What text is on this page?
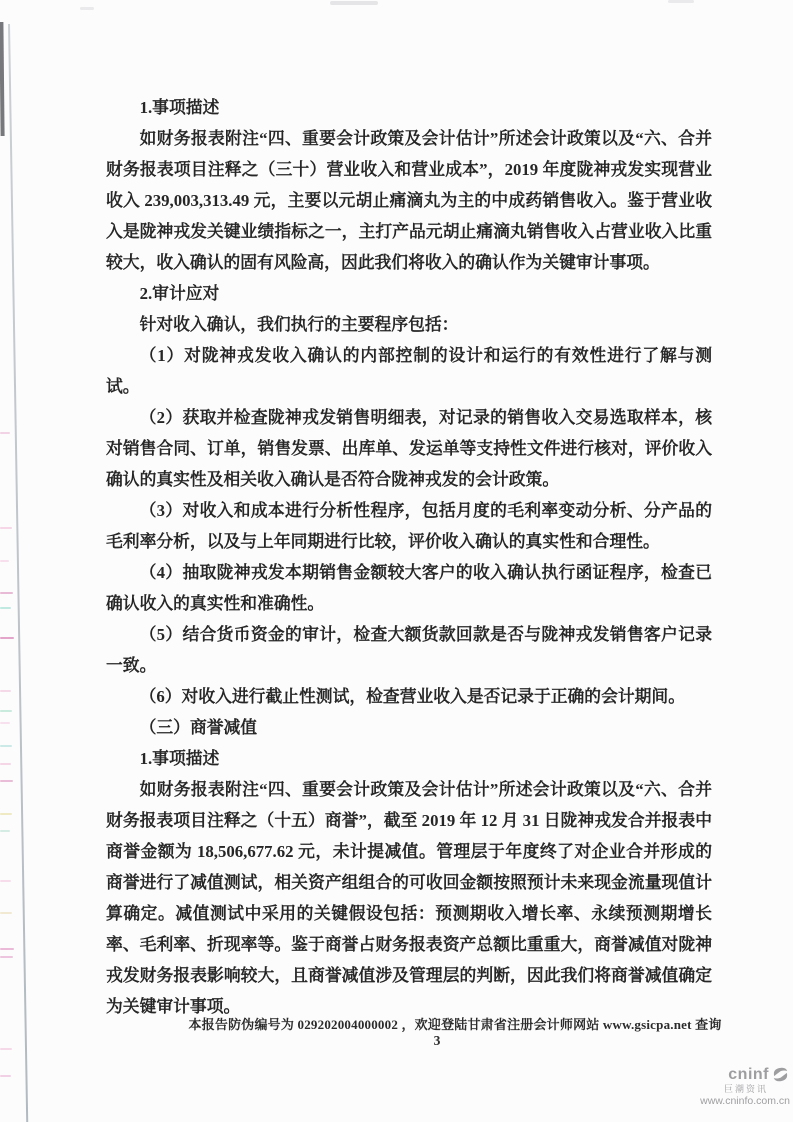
1.事项描述

如财务报表附注“四、重要会计政策及会计估计”所述会计政策以及“六、合并财务报表项目注释之（三十）营业收入和营业成本”，2019 年度陇神戎发实现营业收入 239,003,313.49 元，主要以元胡止痛滴丸为主的中成药销售收入。鉴于营业收入是陇神戎发关键业绩指标之一，主打产品元胡止痛滴丸销售收入占营业收入比重较大，收入确认的固有风险高，因此我们将收入的确认作为关键审计事项。

2.审计应对

针对收入确认，我们执行的主要程序包括：

（1）对陇神戎发收入确认的内部控制的设计和运行的有效性进行了解与测试。

（2）获取并检查陇神戎发销售明细表，对记录的销售收入交易选取样本，核对销售合同、订单，销售发票、出库单、发运单等支持性文件进行核对，评价收入确认的真实性及相关收入确认是否符合陇神戎发的会计政策。

（3）对收入和成本进行分析性程序，包括月度的毛利率变动分析、分产品的毛利率分析，以及与上年同期进行比较，评价收入确认的真实性和合理性。

（4）抽取陇神戎发本期销售金额较大客户的收入确认执行函证程序，检查已确认收入的真实性和准确性。

（5）结合货币资金的审计，检查大额货款回款是否与陇神戎发销售客户记录一致。

（6）对收入进行截止性测试，检查营业收入是否记录于正确的会计期间。

（三）商誉减值

1.事项描述

如财务报表附注“四、重要会计政策及会计估计”所述会计政策以及“六、合并财务报表项目注释之（十五）商誉”，截至 2019 年 12 月 31 日陇神戎发合并报表中商誉金额为 18,506,677.62 元，未计提减值。管理层于年度终了对企业合并形成的商誉进行了减值测试，相关资产组组合的可收回金额按照预计未来现金流量现值计算确定。减值测试中采用的关键假设包括：预测期收入增长率、永续预测期增长率、毛利率、折现率等。鉴于商誉占财务报表资产总额比重重大，商誉减值对陇神戎发财务报表影响较大，且商誉减值涉及管理层的判断，因此我们将商誉减值确定为关键审计事项。

本报告防伪编号为 029202004000002 ，欢迎登陆甘肃省注册会计师网站 www.gsicpa.net 查询
3
cninf
巨潮资讯
www.cninfo.com.cn
